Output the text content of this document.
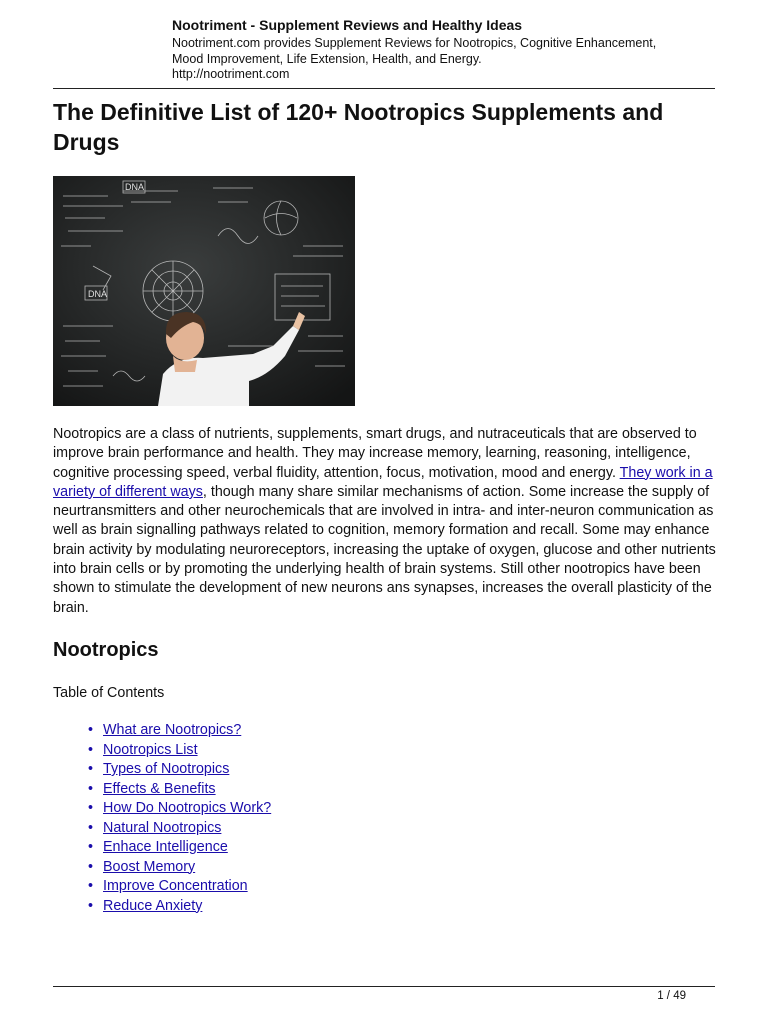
Nootriment - Supplement Reviews and Healthy Ideas

Nootriment.com provides Supplement Reviews for Nootropics, Cognitive Enhancement,
Mood Improvement, Life Extension, Health, and Energy.

http://nootriment.com

The Definitive List of 120+ Nootropics Supplements and
Drugs
DNA
DNA

Nootropics are a class of nutrients, supplements, smart drugs, and nutraceuticals that are observed to improve brain performance and health. They may increase memory, learning, reasoning, intelligence, cognitive processing speed, verbal fluidity, attention, focus, motivation, mood and energy. They work in a variety of different ways, though many share similar mechanisms of action. Some increase the supply of neurtransmitters and other neurochemicals that are involved in intra- and inter-neuron communication as well as brain signalling pathways related to cognition, memory formation and recall. Some may enhance brain activity by modulating neuroreceptors, increasing the uptake of oxygen, glucose and other nutrients into brain cells or by promoting the underlying health of brain systems. Still other nootropics have been shown to stimulate the development of new neurons ans synapses, increases the overall plasticity of the brain.

Nootropics

Table of Contents

• What are Nootropics?
• Nootropics List
• Types of Nootropics
• Effects & Benefits
• How Do Nootropics Work?
• Natural Nootropics
• Enhace Intelligence
• Boost Memory
• Improve Concentration
• Reduce Anxiety
1 / 49
